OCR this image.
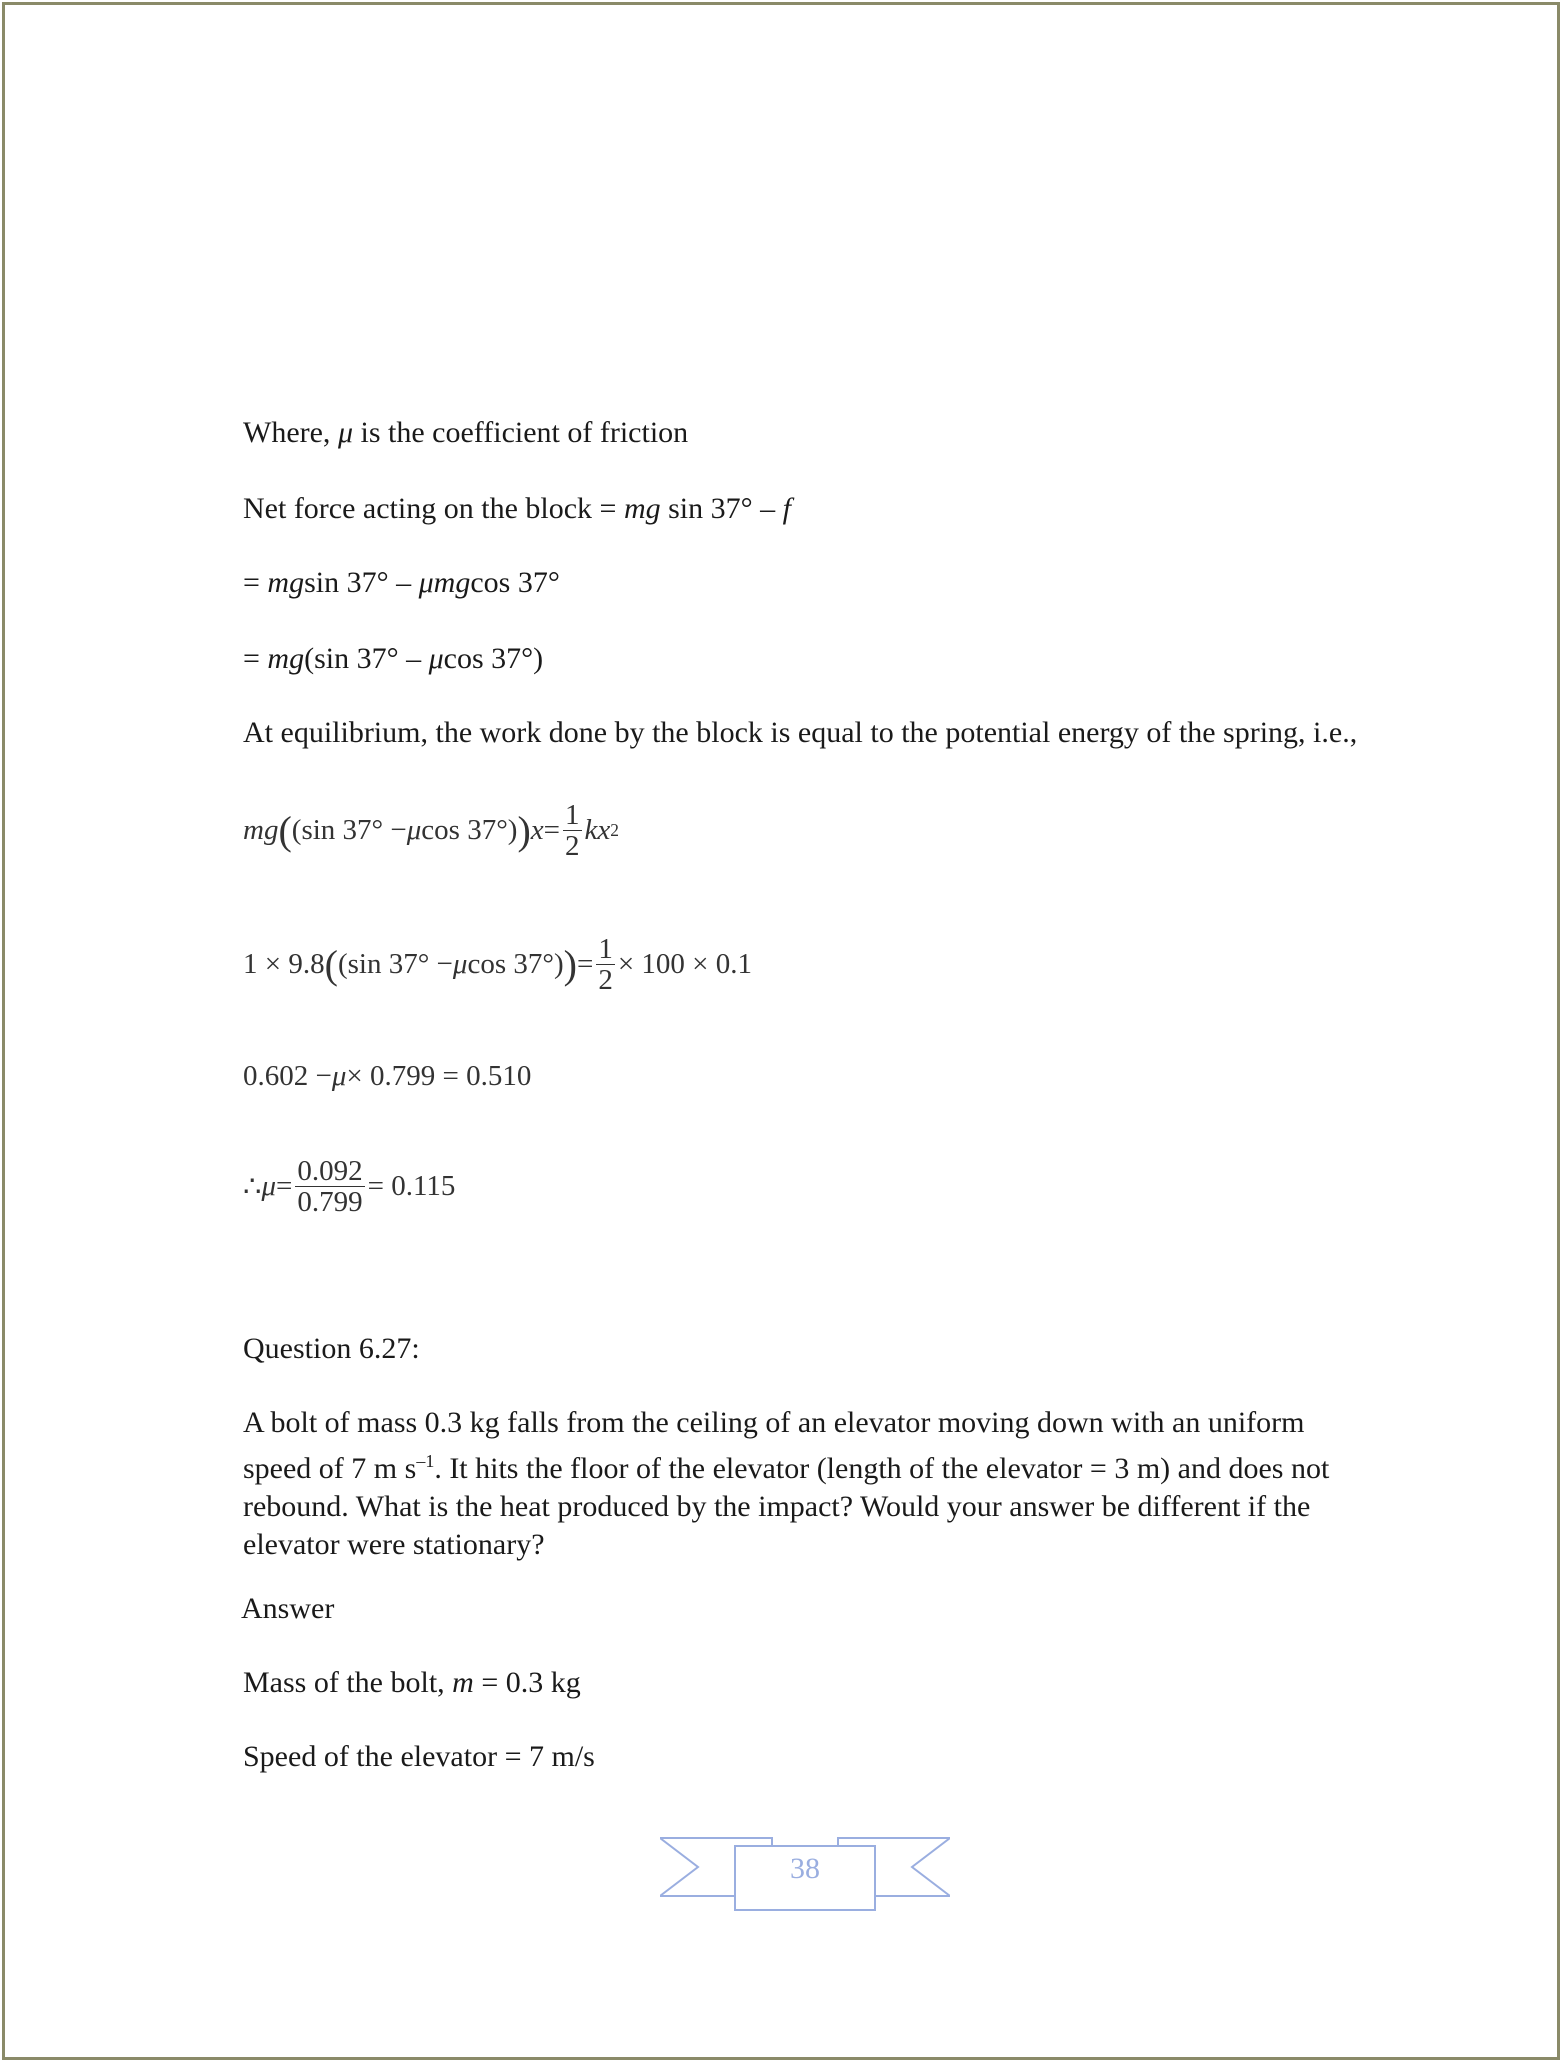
Where, μ is the coefficient of friction

Net force acting on the block = mg sin 37° – f

= mgsin 37° – μmgcos 37°

= mg(sin 37° – μcos 37°)

At equilibrium, the work done by the block is equal to the potential energy of the spring, i.e.,

mg ( (sin 37° − μ cos 37°) ) $x = \frac{1}{2}$ kx 2
1 × 9.8 ( (sin 37° − μ cos 37°) ) = $\frac{1}{2} \times 100 \times 0.1$
0.602 − μ × 0.799 = 0.510
∴ $\mu = \frac{0.092}{0.799} = 0.115$

Question 6.27:

A bolt of mass 0.3 kg falls from the ceiling of an elevator moving down with an uniform speed of 7 m $s^{-1}$. It hits the floor of the elevator (length of the elevator = 3 m) and does not rebound. What is the heat produced by the impact? Would your answer be different if the elevator were stationary?

Answer

Mass of the bolt, m = 0.3 kg

Speed of the elevator = 7 m/s

38
